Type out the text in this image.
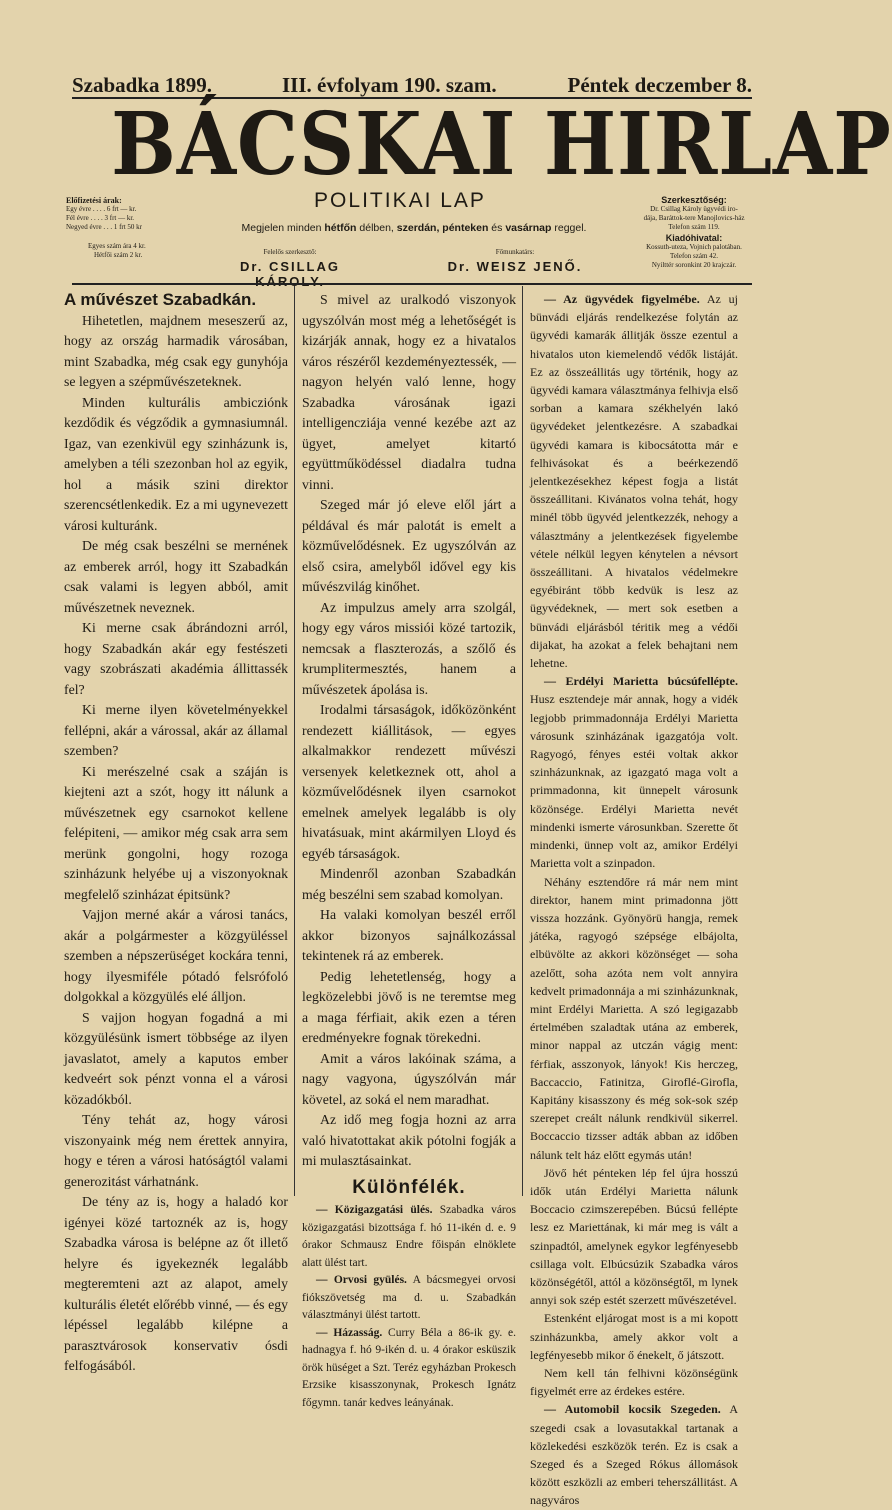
Szabadka 1899.	III. évfolyam 190. szam.	Péntek deczember 8.
BÁCSKAI HIRLAP
POLITIKAI LAP
Előfizetési árak:
Egy évre . . . . 6 frt — kr.
Fél évre . . . . 3 frt — kr.
Negyed évre . . . 1 frt 50 kr
Egyes szám ára 4 kr.
Hétfői szám 2 kr.
Megjelen minden hétfőn délben, szerdán, pénteken és vasárnap reggel.
Szerkesztőség:
Dr. Csillag Károly ügyvédi iro-
dája, Baráttok-tere Manojlovics-ház
Telefon szám 119.
Kiadóhivatal:
Kossuth-uteza, Vojnich palotában.
Telefon szám 42.
Nyilttér soronkint 20 krajczár.
Felelős szerkesztő:
Dr. CSILLAG KÁROLY.
Főmunkatárs:
Dr. WEISZ JENŐ.

A művészet Szabadkán.

Hihetetlen, majdnem meseszerű az, hogy az ország harmadik városában, mint Szabadka, még csak egy gunyhója se legyen a szépművészeteknek.

Minden kulturális ambicziónk kezdődik és végződik a gymnasiumnál. Igaz, van ezenkivül egy szinházunk is, amelyben a téli szezonban hol az egyik, hol a másik szini direktor szerencsétlenkedik. Ez a mi ugynevezett városi kulturánk.

De még csak beszélni se mernének az emberek arról, hogy itt Szabadkán csak valami is legyen abból, amit művészetnek neveznek.

Ki merne csak ábrándozni arról, hogy Szabadkán akár egy festészeti vagy szobrászati akadémia állittassék fel?

Ki merne ilyen követelményekkel fellépni, akár a várossal, akár az államal szemben?

Ki merészelné csak a száján is kiejteni azt a szót, hogy itt nálunk a művészetnek egy csarnokot kellene felépiteni, — amikor még csak arra sem merünk gongolni, hogy rozoga szinházunk helyébe uj a viszonyoknak megfelelő szinházat épitsünk?

Vajjon merné akár a városi tanács, akár a polgármester a közgyüléssel szemben a népszerüséget kockára tenni, hogy ilyesmiféle pótadó felsrófoló dolgokkal a közgyülés elé álljon.

S vajjon hogyan fogadná a mi közgyülésünk ismert többsége az ilyen javaslatot, amely a kaputos ember kedveért sok pénzt vonna el a városi közadókból.

Tény tehát az, hogy városi viszonyaink még nem érettek annyira, hogy e téren a városi hatóságtól valami generozitást várhatnánk.

De tény az is, hogy a haladó kor igényei közé tartoznék az is, hogy Szabadka városa is belépne az őt illető helyre és igyekeznék legalább megteremteni azt az alapot, amely kulturális életét előrébb vinné, — és egy lépéssel legalább kilépne a parasztvárosok konservativ ósdi felfogásából.

S mivel az uralkodó viszonyok ugyszólván most még a lehetőségét is kizárják annak, hogy ez a hivatalos város részéről kezdeményeztessék, — nagyon helyén való lenne, hogy Szabadka városának igazi intelligencziája venné kezébe azt az ügyet, amelyet kitartó együttműködéssel diadalra tudna vinni.

Szeged már jó eleve elől járt a példával és már palotát is emelt a közművelődésnek. Ez ugyszólván az első csira, amelyből idővel egy kis művészvilág kinőhet.

Az impulzus amely arra szolgál, hogy egy város missiói közé tartozik, nemcsak a flaszterozás, a szőlő és krumplitermesztés, hanem a művészetek ápolása is.

Irodalmi társaságok, időközönként rendezett kiállitások, — egyes alkalmakkor rendezett művészi versenyek keletkeznek ott, ahol a közművelődésnek ilyen csarnokot emelnek amelyek legalább is oly hivatásuak, mint akármilyen Lloyd és egyéb társaságok.

Mindenről azonban Szabadkán még beszélni sem szabad komolyan.

Ha valaki komolyan beszél erről akkor bizonyos sajnálkozással tekintenek rá az emberek.

Pedig lehetetlenség, hogy a legközelebbi jövő is ne teremtse meg a maga férfiait, akik ezen a téren eredményekre fognak törekedni.

Amit a város lakóinak száma, a nagy vagyona, úgyszólván már követel, az soká el nem maradhat.

Az idő meg fogja hozni az arra való hivatottakat akik pótolni fogják a mi mulasztásainkat.

Különfélék.

— Közigazgatási ülés. Szabadka város közigazgatási bizottsága f. hó 11-ikén d. e. 9 órakor Schmausz Endre főispán elnöklete alatt ülést tart.

— Orvosi gyülés. A bácsmegyei orvosi fiókszövetség ma d. u. Szabadkán választmányi ülést tartott.

— Házasság. Curry Béla a 86-ik gy. e. hadnagya f. hó 9-ikén d. u. 4 órakor esküszik örök hüséget a Szt. Teréz egyházban Prokesch Erzsike kisasszonynak, Prokesch Ignátz főgymn. tanár kedves leányának.

— Az ügyvédek figyelmébe. Az uj bünvádi eljárás rendelkezése folytán az ügyvédi kamarák állitják össze ezentul a hivatalos uton kiemelendő védők listáját. Ez az összeállitás ugy történik, hogy az ügyvédi kamara választmánya felhivja első sorban a kamara székhelyén lakó ügyvédeket jelentkezésre. A szabadkai ügyvédi kamara is kibocsátotta már e felhivásokat és a beérkezendő jelentkezésekhez képest fogja a listát összeállitani. Kivánatos volna tehát, hogy minél több ügyvéd jelentkezzék, nehogy a választmány a jelentkezések figyelembe vétele nélkül legyen kénytelen a névsort összeállitani. A hivatalos védelmekre egyébiránt több kedvük is lesz az ügyvédeknek, — mert sok esetben a bünvádi eljárásból téritik meg a védői dijakat, ha azokat a felek behajtani nem lehetne.

— Erdélyi Marietta búcsúfellépte. Husz esztendeje már annak, hogy a vidék legjobb primmadonnája Erdélyi Marietta városunk szinházának igazgatója volt. Ragyogó, fényes estéi voltak akkor szinházunknak, az igazgató maga volt a primmadonna, kit ünnepelt városunk közönsége. Erdélyi Marietta nevét mindenki ismerte városunkban. Szerette őt mindenki, ünnep volt az, amikor Erdélyi Marietta volt a szinpadon.

Néhány esztendőre rá már nem mint direktor, hanem mint primadonna jött vissza hozzánk. Gyönyörü hangja, remek játéka, ragyogó szépsége elbájolta, elbüvölte az akkori közönséget — soha azelőtt, soha azóta nem volt annyira kedvelt primadonnája a mi szinházunknak, mint Erdélyi Marietta. A szó legigazabb értelmében szaladtak utána az emberek, minor nappal az utczán vágig ment: férfiak, asszonyok, lányok! Kis herczeg, Baccaccio, Fatinitza, Giroflé-Girofla, Kapitány kisasszony és még sok-sok szép szerepet creált nálunk rendkivül sikerrel. Boccaccio tizsser adták abban az időben nálunk telt ház előtt egymás után!

Jövő hét pénteken lép fel újra hosszú idők után Erdélyi Marietta nálunk Boccacio czimszerepében. Búcsú fellépte lesz ez Mariettának, ki már meg is vált a szinpadtól, amelynek egykor legfényesebb csillaga volt. Elbúcsúzik Szabadka város közönségétől, attól a közönségtől, m lynek annyi sok szép estét szerzett művészetével.

Estenként eljárogat most is a mi kopott szinházunkba, amely akkor volt a legfényesebb mikor ő énekelt, ő játszott.

Nem kell tán felhivni közönségünk figyelmét erre az érdekes estére.

— Automobil kocsik Szegeden. A szegedi csak a lovasutakkal tartanak a közlekedési eszközök terén. Ez is csak a Szeged és a Szeged Rókus állomások között eszközli az emberi teherszállitást. A nagyváros
